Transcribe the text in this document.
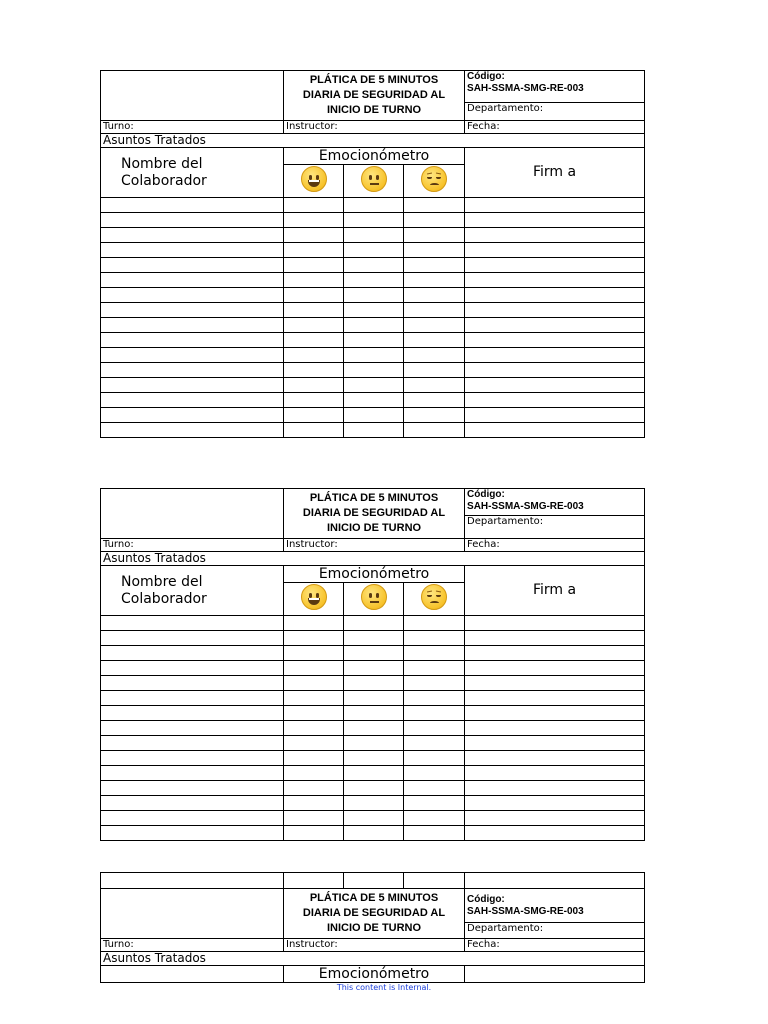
	PLÁTICA DE 5 MINUTOS DIARIA DE SEGURIDAD AL INICIO DE TURNO			Código:
SAH-SSMA-SMG-RE-003

				Departamento:
Turno:	Instructor:			Fecha:
Asuntos Tratados				
Nombre del Colaborador	Emocionómetro			Firm a

	PLÁTICA DE 5 MINUTOS DIARIA DE SEGURIDAD AL INICIO DE TURNO			Código:
SAH-SSMA-SMG-RE-003

				Departamento:
Turno:	Instructor:			Fecha:
Asuntos Tratados				
Nombre del Colaborador	Emocionómetro			Firm a

	PLÁTICA DE 5 MINUTOS DIARIA DE SEGURIDAD AL INICIO DE TURNO			Código:
SAH-SSMA-SMG-RE-003

				Departamento:
Turno:	Instructor:			Fecha:
Asuntos Tratados				
	Emocionómetro			
This content is Internal.
